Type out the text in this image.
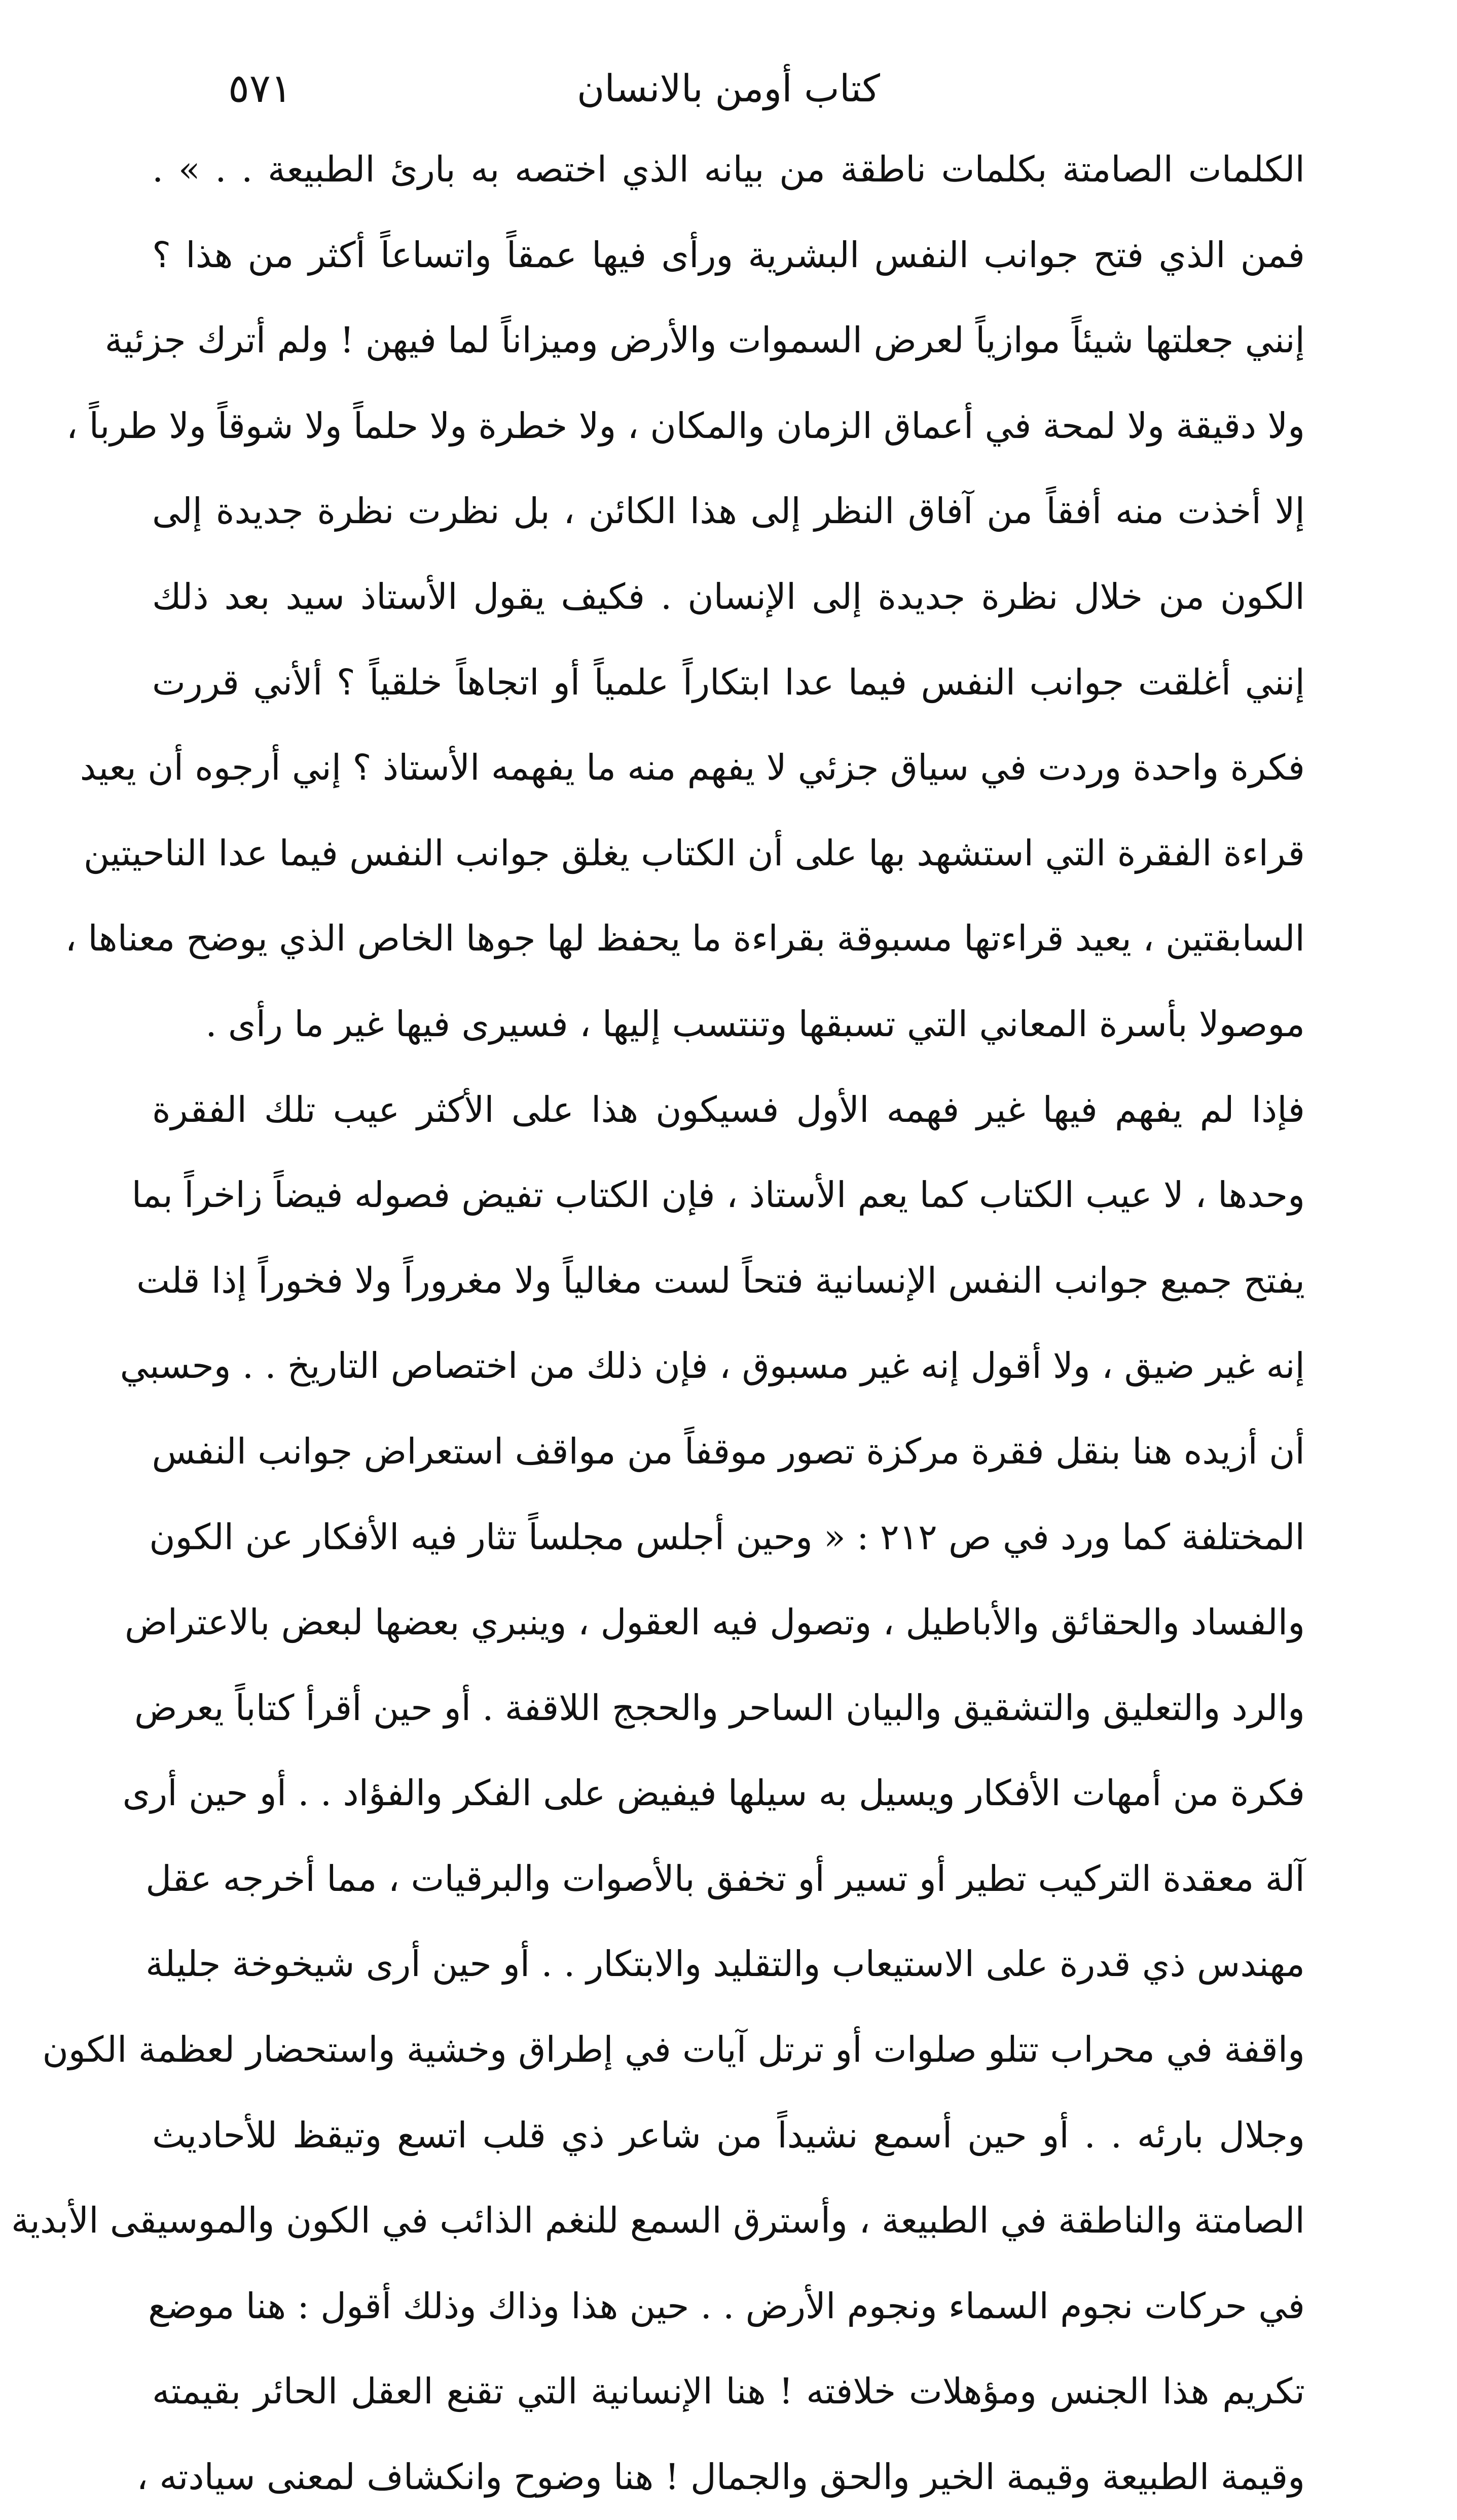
كتاب أومن بالانسان
٥٧١
الكلمات الصامتة بكلمات ناطقة من بيانه الذي اختصه به بارئ الطبيعة . . » .
فمن الذي فتح جوانب النفس البشرية ورأى فيها عمقاً واتساعاً أكثر من هذا ؟
إنني جعلتها شيئاً موازياً لعرض السموات والأرض وميزاناً لما فيهن ! ولم أترك جزئية
ولا دقيقة ولا لمحة في أعماق الزمان والمكان ، ولا خطرة ولا حلماً ولا شوقاً ولا طرباً ،
إلا أخذت منه أفقاً من آفاق النظر إلى هذا الكائن ، بل نظرت نظرة جديدة إلى
الكون من خلال نظرة جديدة إلى الإنسان . فكيف يقول الأستاذ سيد بعد ذلك
إنني أغلقت جوانب النفس فيما عدا ابتكاراً علمياً أو اتجاهاً خلقياً ؟ ألأني قررت
فكرة واحدة وردت في سياق جزئي لا يفهم منه ما يفهمه الأستاذ ؟ إني أرجوه أن يعيد
قراءة الفقرة التي استشهد بها على أن الكتاب يغلق جوانب النفس فيما عدا الناحيتين
السابقتين ، يعيد قراءتها مسبوقة بقراءة ما يحفظ لها جوها الخاص الذي يوضح معناها ،
موصولا بأسرة المعاني التي تسبقها وتنتسب إليها ، فسيرى فيها غير ما رأى .
فإذا لم يفهم فيها غير فهمه الأول فسيكون هذا على الأكثر عيب تلك الفقرة
وحدها ، لا عيب الكتاب كما يعم الأستاذ ، فإن الكتاب تفيض فصوله فيضاً زاخراً بما
يفتح جميع جوانب النفس الإنسانية فتحاً لست مغالياً ولا مغروراً ولا فخوراً إذا قلت
إنه غير ضيق ، ولا أقول إنه غير مسبوق ، فإن ذلك من اختصاص التاريخ . . وحسبي
أن أزيده هنا بنقل فقرة مركزة تصور موقفاً من مواقف استعراض جوانب النفس
المختلفة كما ورد في ص ٢١٢ : « وحين أجلس مجلساً تثار فيه الأفكار عن الكون
والفساد والحقائق والأباطيل ، وتصول فيه العقول ، وينبري بعضها لبعض بالاعتراض
والرد والتعليق والتشقيق والبيان الساحر والحجج اللاقفة . أو حين أقرأ كتاباً يعرض
فكرة من أمهات الأفكار ويسيل به سيلها فيفيض على الفكر والفؤاد . . أو حين أرى
آلة معقدة التركيب تطير أو تسير أو تخفق بالأصوات والبرقيات ، مما أخرجه عقل
مهندس ذي قدرة على الاستيعاب والتقليد والابتكار . . أو حين أرى شيخوخة جليلة
واقفة في محراب تتلو صلوات أو ترتل آيات في إطراق وخشية واستحضار لعظمة الكون
وجلال بارئه . . أو حين أسمع نشيداً من شاعر ذي قلب اتسع وتيقظ للأحاديث
الصامتة والناطقة في الطبيعة ، وأسترق السمع للنغم الذائب في الكون والموسيقى الأبدية
في حركات نجوم السماء ونجوم الأرض . . حين هذا وذاك وذلك أقول : هنا موضع
تكريم هذا الجنس ومؤهلات خلافته ! هنا الإنسانية التي تقنع العقل الحائر بقيمته
وقيمة الطبيعة وقيمة الخير والحق والجمال ! هنا وضوح وانكشاف لمعنى سيادته ،
